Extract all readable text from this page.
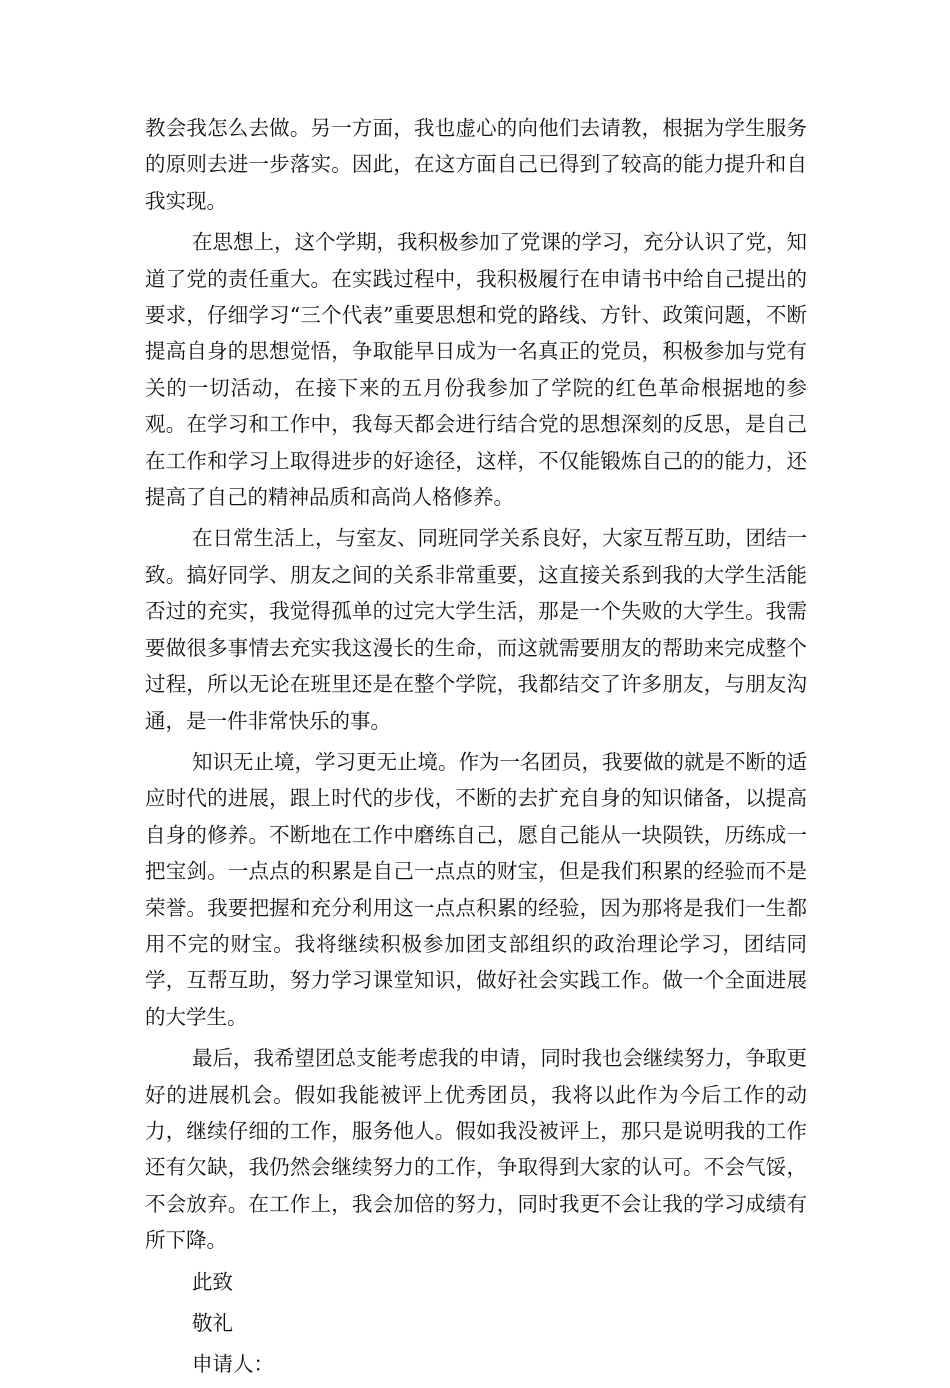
教会我怎么去做。另一方面，我也虚心的向他们去请教，根据为学生服务的原则去进一步落实。因此，在这方面自己已得到了较高的能力提升和自我实现。

在思想上，这个学期，我积极参加了党课的学习，充分认识了党，知道了党的责任重大。在实践过程中，我积极履行在申请书中给自己提出的要求，仔细学习“三个代表”重要思想和党的路线、方针、政策问题，不断提高自身的思想觉悟，争取能早日成为一名真正的党员，积极参加与党有关的一切活动，在接下来的五月份我参加了学院的红色革命根据地的参观。在学习和工作中，我每天都会进行结合党的思想深刻的反思，是自己在工作和学习上取得进步的好途径，这样，不仅能锻炼自己的的能力，还提高了自己的精神品质和高尚人格修养。

在日常生活上，与室友、同班同学关系良好，大家互帮互助，团结一致。搞好同学、朋友之间的关系非常重要，这直接关系到我的大学生活能否过的充实，我觉得孤单的过完大学生活，那是一个失败的大学生。我需要做很多事情去充实我这漫长的生命，而这就需要朋友的帮助来完成整个过程，所以无论在班里还是在整个学院，我都结交了许多朋友，与朋友沟通，是一件非常快乐的事。

知识无止境，学习更无止境。作为一名团员，我要做的就是不断的适应时代的进展，跟上时代的步伐，不断的去扩充自身的知识储备，以提高自身的修养。不断地在工作中磨练自己，愿自己能从一块陨铁，历练成一把宝剑。一点点的积累是自己一点点的财宝，但是我们积累的经验而不是荣誉。我要把握和充分利用这一点点积累的经验，因为那将是我们一生都用不完的财宝。我将继续积极参加团支部组织的政治理论学习，团结同学，互帮互助，努力学习课堂知识，做好社会实践工作。做一个全面进展的大学生。

最后，我希望团总支能考虑我的申请，同时我也会继续努力，争取更好的进展机会。假如我能被评上优秀团员，我将以此作为今后工作的动力，继续仔细的工作，服务他人。假如我没被评上，那只是说明我的工作还有欠缺，我仍然会继续努力的工作，争取得到大家的认可。不会气馁，不会放弃。在工作上，我会加倍的努力，同时我更不会让我的学习成绩有所下降。

此致

敬礼

申请人：
